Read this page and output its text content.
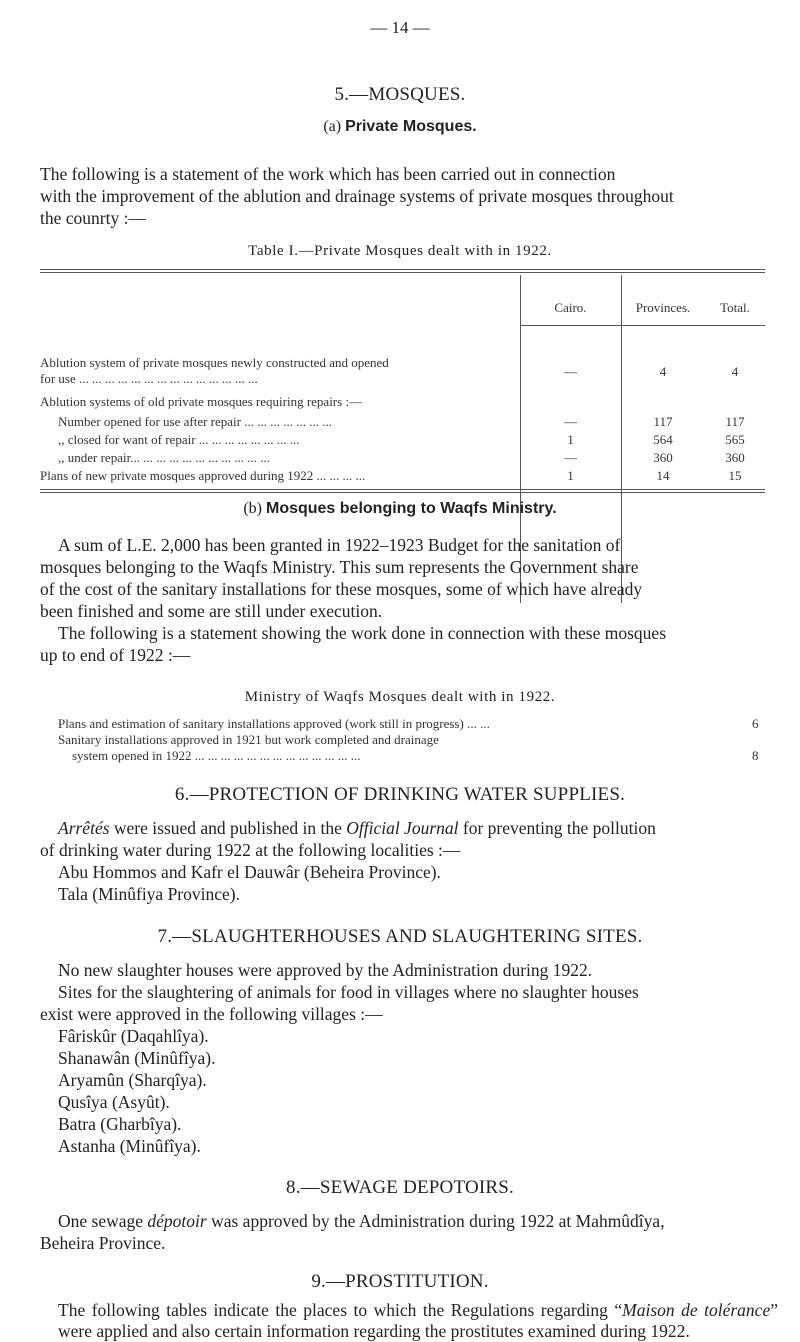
— 14 —
5.—MOSQUES.
(a) Private Mosques.
The following is a statement of the work which has been carried out in connection
with the improvement of the ablution and drainage systems of private mosques throughout
the counrty :—
Table I.—Private Mosques dealt with in 1922.
Cairo.	Provinces.	Total.
Ablution system of private mosques newly constructed and opened
for use ... ... ... ... ... ... ... ... ... ... ... ... ... ...	—	4	4
Ablution systems of old private mosques requiring repairs :—
Number opened for use after repair ... ... ... ... ... ... ...	—	117	117
,, closed for want of repair ... ... ... ... ... ... ... ...	1	564	565
,, under repair... ... ... ... ... ... ... ... ... ... ...	—	360	360
Plans of new private mosques approved during 1922 ... ... ... ...	1	14	15
(b) Mosques belonging to Waqfs Ministry.
A sum of L.E. 2,000 has been granted in 1922–1923 Budget for the sanitation of
mosques belonging to the Waqfs Ministry. This sum represents the Government share
of the cost of the sanitary installations for these mosques, some of which have already
been finished and some are still under execution.
The following is a statement showing the work done in connection with these mosques
up to end of 1922 :—
Ministry of Waqfs Mosques dealt with in 1922.
Plans and estimation of sanitary installations approved (work still in progress) ... ...	6
Sanitary installations approved in 1921 but work completed and drainage
system opened in 1922 ... ... ... ... ... ... ... ... ... ... ... ... ...	8
6.—PROTECTION OF DRINKING WATER SUPPLIES.
Arrêtés were issued and published in the Official Journal for preventing the pollution
of drinking water during 1922 at the following localities :—
Abu Hommos and Kafr el Dauwâr (Beheira Province).
Tala (Minûfiya Province).
7.—SLAUGHTERHOUSES AND SLAUGHTERING SITES.
No new slaughter houses were approved by the Administration during 1922.
Sites for the slaughtering of animals for food in villages where no slaughter houses
exist were approved in the following villages :—
Fâriskûr (Daqahlîya).
Shanawân (Minûfîya).
Aryamûn (Sharqîya).
Qusîya (Asyût).
Batra (Gharbîya).
Astanha (Minûfîya).
8.—SEWAGE DEPOTOIRS.
One sewage dépotoir was approved by the Administration during 1922 at Mahmûdîya,
Beheira Province.
9.—PROSTITUTION.
The following tables indicate the places to which the Regulations regarding “Maison de tolérance” were applied and also certain information regarding the prostitutes examined during 1922.
